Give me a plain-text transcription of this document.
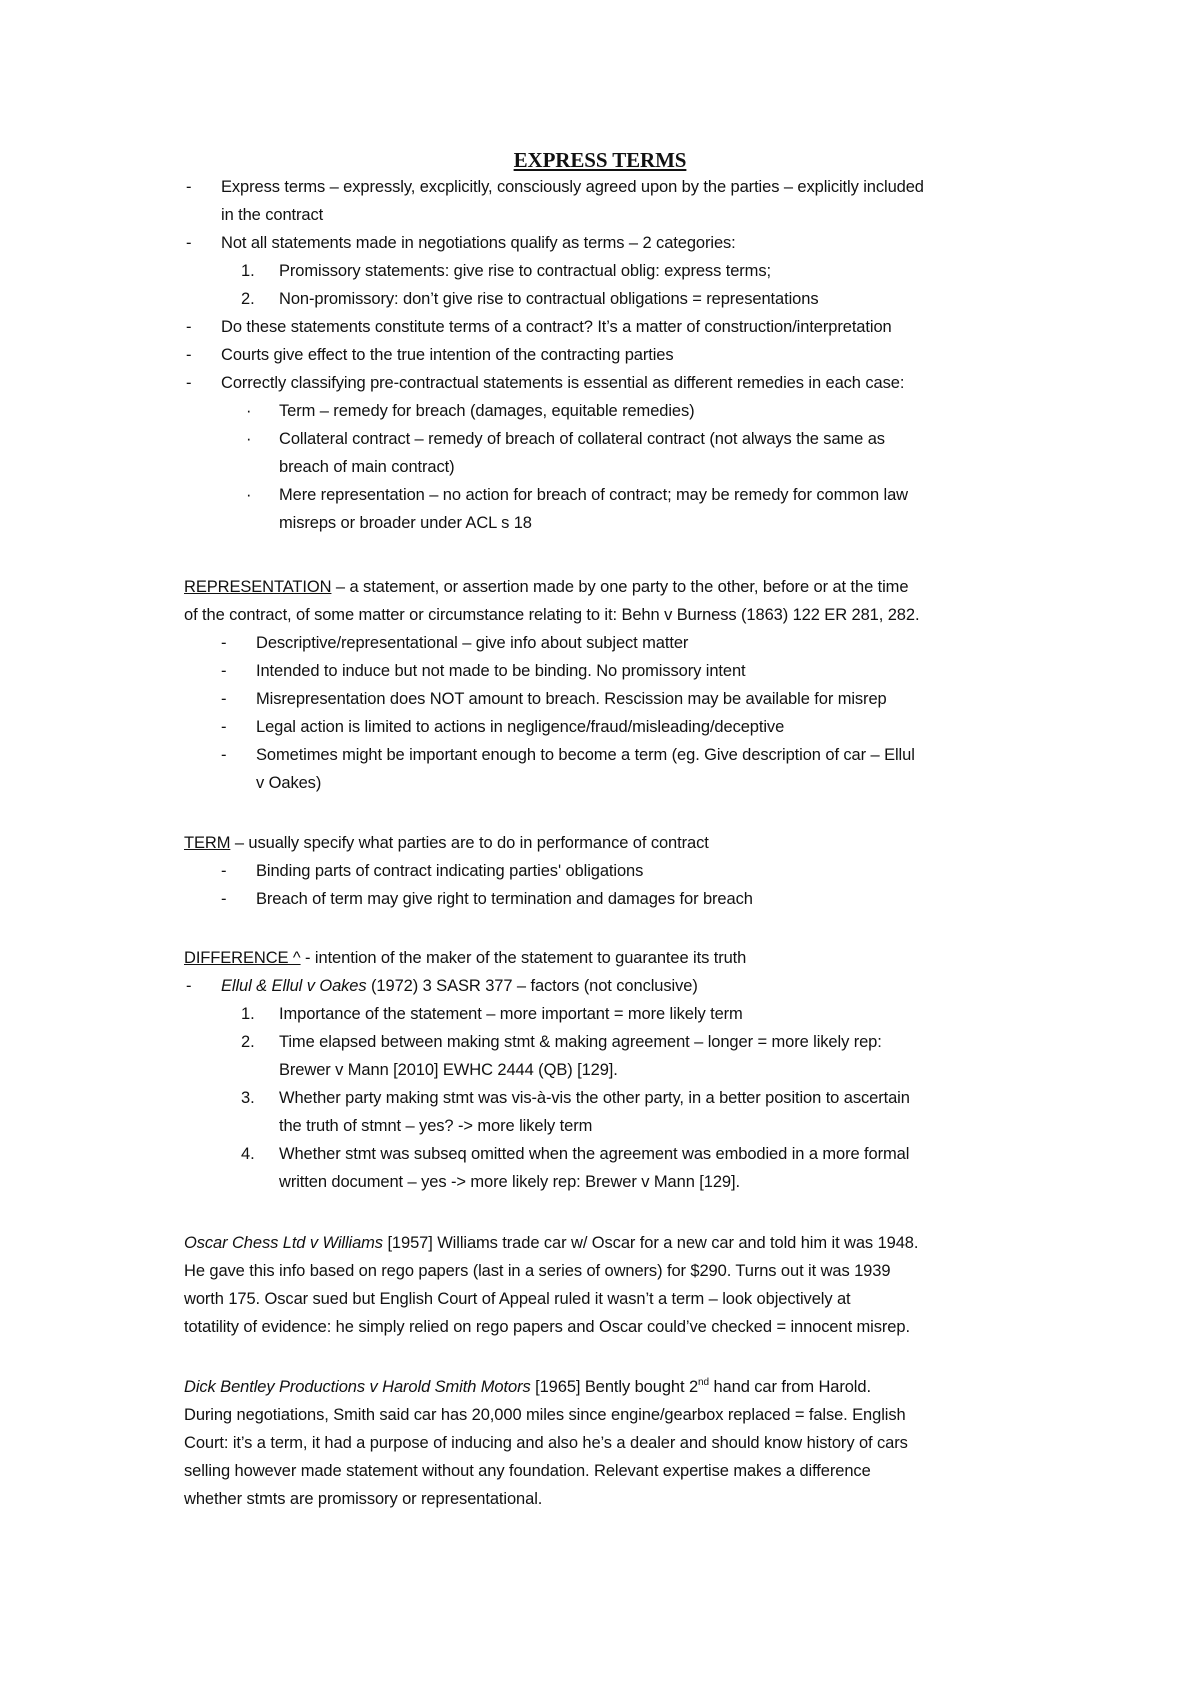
EXPRESS TERMS
- Express terms – expressly, excplicitly, consciously agreed upon by the parties – explicitly included
in the contract
- Not all statements made in negotiations qualify as terms – 2 categories:
1. Promissory statements: give rise to contractual oblig: express terms;
2. Non-promissory: don’t give rise to contractual obligations = representations
- Do these statements constitute terms of a contract? It’s a matter of construction/interpretation
- Courts give effect to the true intention of the contracting parties
- Correctly classifying pre-contractual statements is essential as different remedies in each case:
· Term – remedy for breach (damages, equitable remedies)
· Collateral contract – remedy of breach of collateral contract (not always the same as
breach of main contract)
· Mere representation – no action for breach of contract; may be remedy for common law
misreps or broader under ACL s 18
REPRESENTATION – a statement, or assertion made by one party to the other, before or at the time
of the contract, of some matter or circumstance relating to it: Behn v Burness (1863) 122 ER 281, 282.
- Descriptive/representational – give info about subject matter
- Intended to induce but not made to be binding. No promissory intent
- Misrepresentation does NOT amount to breach. Rescission may be available for misrep
- Legal action is limited to actions in negligence/fraud/misleading/deceptive
- Sometimes might be important enough to become a term (eg. Give description of car – Ellul
v Oakes)
TERM – usually specify what parties are to do in performance of contract
- Binding parts of contract indicating parties' obligations
- Breach of term may give right to termination and damages for breach
DIFFERENCE ^ - intention of the maker of the statement to guarantee its truth
- Ellul & Ellul v Oakes (1972) 3 SASR 377 – factors (not conclusive)
1. Importance of the statement – more important = more likely term
2. Time elapsed between making stmt & making agreement – longer = more likely rep:
Brewer v Mann [2010] EWHC 2444 (QB) [129].
3. Whether party making stmt was vis-à-vis the other party, in a better position to ascertain
the truth of stmnt – yes? -> more likely term
4. Whether stmt was subseq omitted when the agreement was embodied in a more formal
written document – yes -> more likely rep: Brewer v Mann [129].
Oscar Chess Ltd v Williams [1957] Williams trade car w/ Oscar for a new car and told him it was 1948.
He gave this info based on rego papers (last in a series of owners) for $290. Turns out it was 1939
worth 175. Oscar sued but English Court of Appeal ruled it wasn’t a term – look objectively at
totatility of evidence: he simply relied on rego papers and Oscar could’ve checked = innocent misrep.
Dick Bentley Productions v Harold Smith Motors [1965] Bently bought 2nd hand car from Harold.
During negotiations, Smith said car has 20,000 miles since engine/gearbox replaced = false. English
Court: it’s a term, it had a purpose of inducing and also he’s a dealer and should know history of cars
selling however made statement without any foundation. Relevant expertise makes a difference
whether stmts are promissory or representational.
